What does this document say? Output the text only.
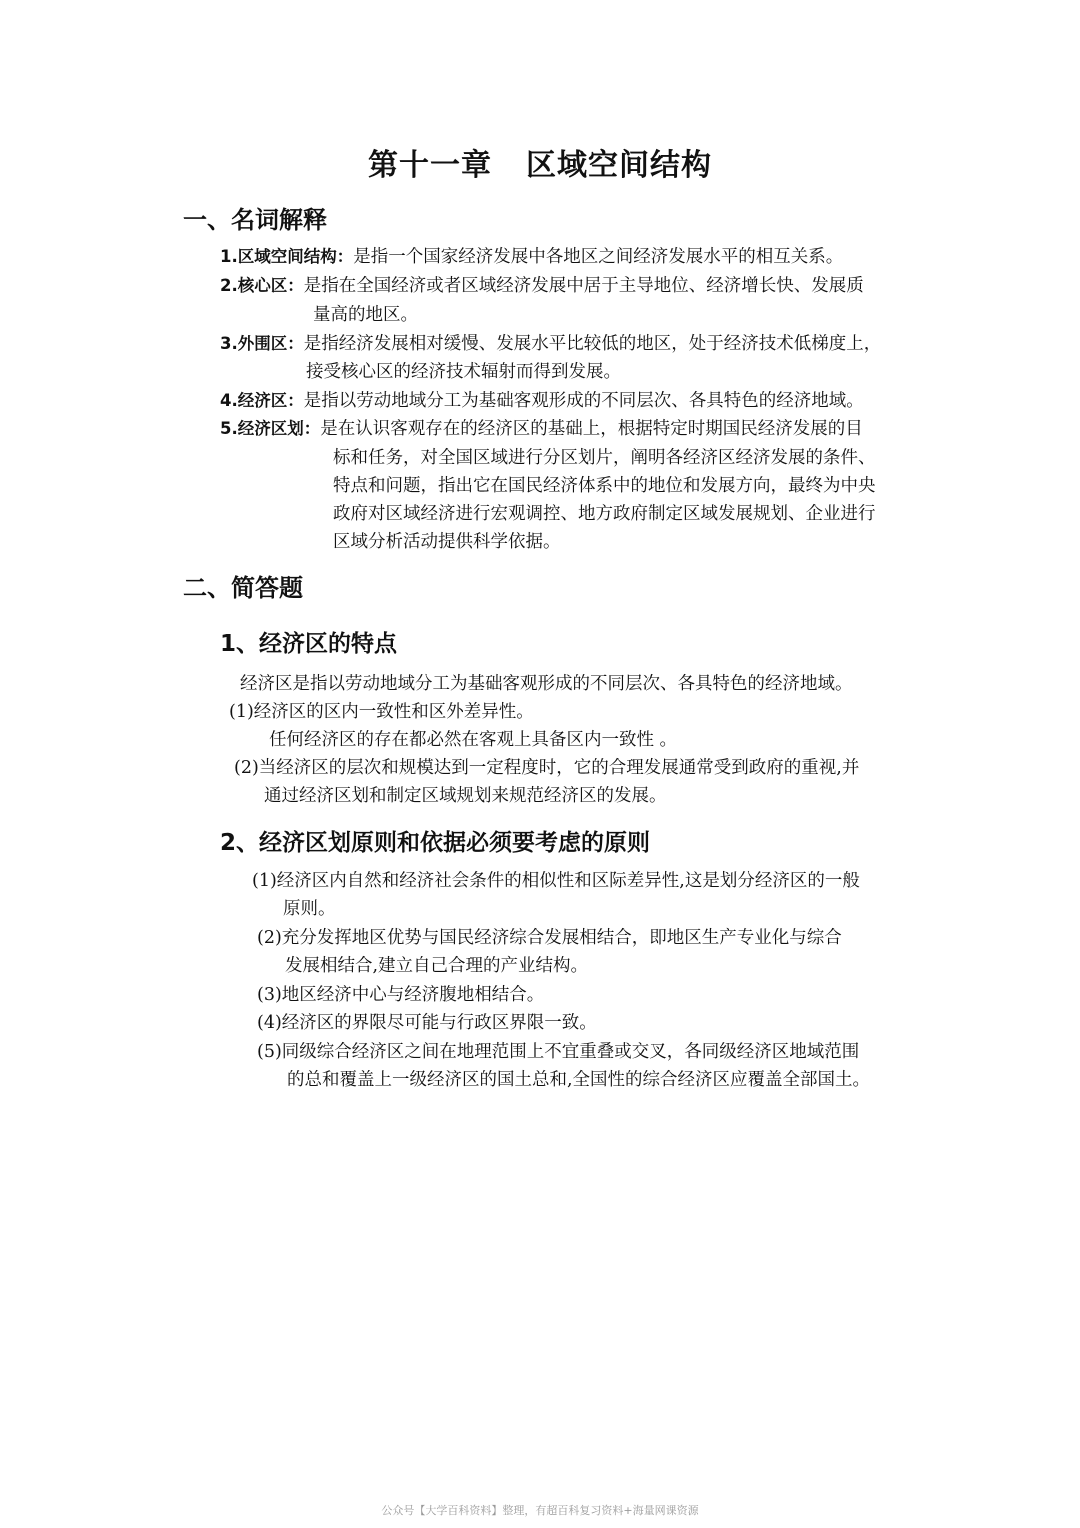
第十一章 区域空间结构
一、名词解释
1.区域空间结构：是指一个国家经济发展中各地区之间经济发展水平的相互关系。
2.核心区：是指在全国经济或者区域经济发展中居于主导地位、经济增长快、发展质
量高的地区。
3.外围区：是指经济发展相对缓慢、发展水平比较低的地区，处于经济技术低梯度上，
接受核心区的经济技术辐射而得到发展。
4.经济区：是指以劳动地域分工为基础客观形成的不同层次、各具特色的经济地域。
5.经济区划：是在认识客观存在的经济区的基础上，根据特定时期国民经济发展的目
标和任务，对全国区域进行分区划片，阐明各经济区经济发展的条件、
特点和问题，指出它在国民经济体系中的地位和发展方向，最终为中央
政府对区域经济进行宏观调控、地方政府制定区域发展规划、企业进行
区域分析活动提供科学依据。
二、简答题
1、经济区的特点
经济区是指以劳动地域分工为基础客观形成的不同层次、各具特色的经济地域。
(1)经济区的区内一致性和区外差异性。
任何经济区的存在都必然在客观上具备区内一致性 。
(2)当经济区的层次和规模达到一定程度时，它的合理发展通常受到政府的重视,并
通过经济区划和制定区域规划来规范经济区的发展。
2、经济区划原则和依据必须要考虑的原则
(1)经济区内自然和经济社会条件的相似性和区际差异性,这是划分经济区的一般
原则。
(2)充分发挥地区优势与国民经济综合发展相结合，即地区生产专业化与综合
发展相结合,建立自己合理的产业结构。
(3)地区经济中心与经济腹地相结合。
(4)经济区的界限尽可能与行政区界限一致。
(5)同级综合经济区之间在地理范围上不宜重叠或交叉，各同级经济区地域范围
的总和覆盖上一级经济区的国土总和,全国性的综合经济区应覆盖全部国土。
公众号【大学百科资料】整理，有超百科复习资料+海量网课资源
